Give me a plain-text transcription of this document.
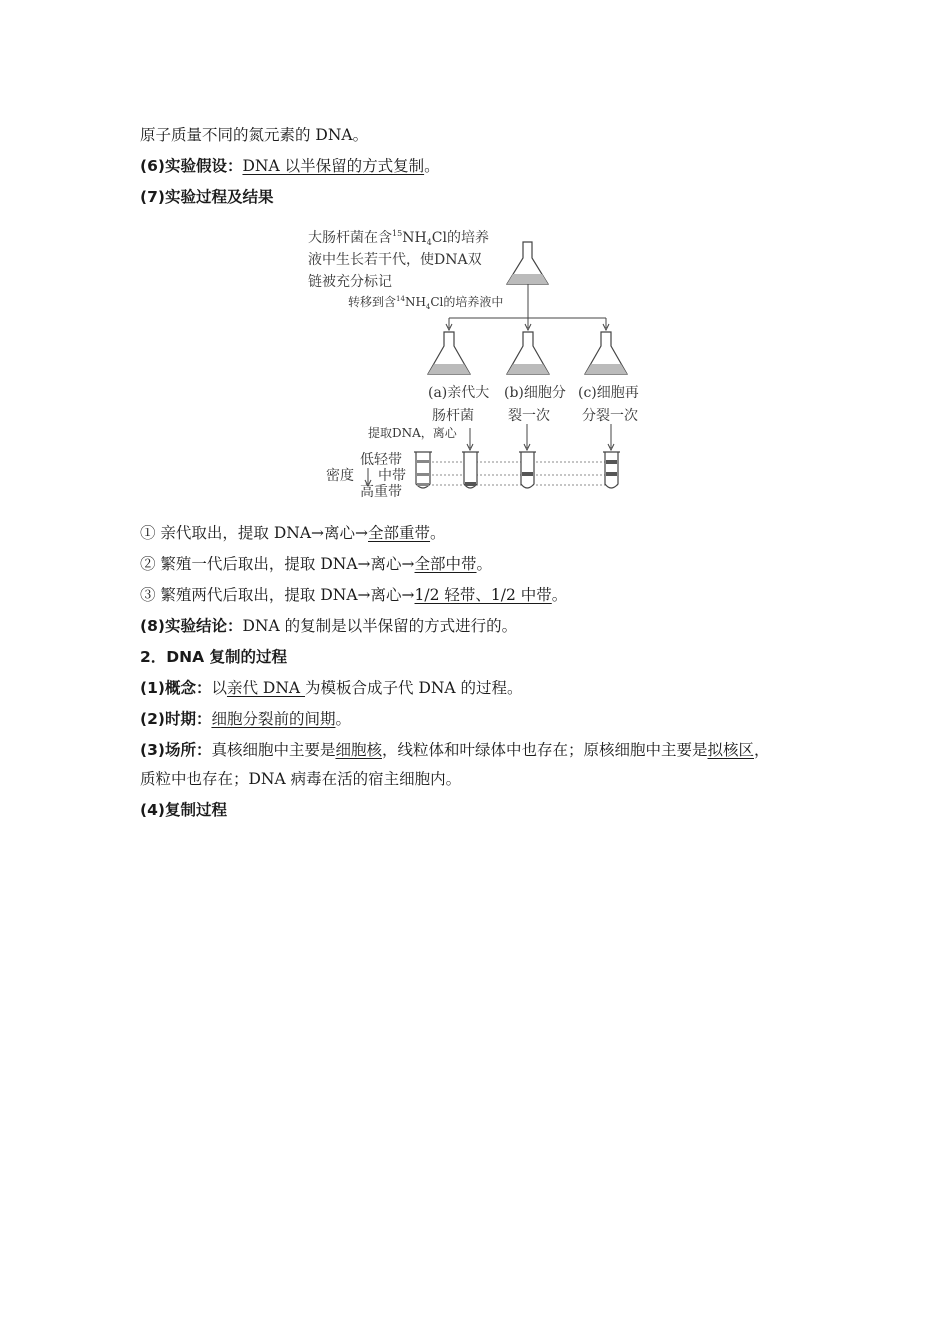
原子质量不同的氮元素的 DNA。
(6)实验假设：DNA 以半保留的方式复制。
(7)实验过程及结果
大肠杆菌在含$^{15}NH_4Cl$的培养
液中生长若干代，使DNA双
链被充分标记
转移到含$^{14}NH_4Cl$的培养液中
(a)亲代大
肠杆菌
(b)细胞分
裂一次
(c)细胞再
分裂一次
提取DNA，离心
低轻带
中带
高重带
密度
① 亲代取出，提取 DNA→离心→全部重带。
② 繁殖一代后取出，提取 DNA→离心→全部中带。
③ 繁殖两代后取出，提取 DNA→离心→1/2 轻带、1/2 中带。
(8)实验结论：DNA 的复制是以半保留的方式进行的。
2．DNA 复制的过程
(1)概念：以亲代 DNA 为模板合成子代 DNA 的过程。
(2)时期：细胞分裂前的间期。
(3)场所：真核细胞中主要是细胞核，线粒体和叶绿体中也存在；原核细胞中主要是拟核区，
质粒中也存在；DNA 病毒在活的宿主细胞内。
(4)复制过程
